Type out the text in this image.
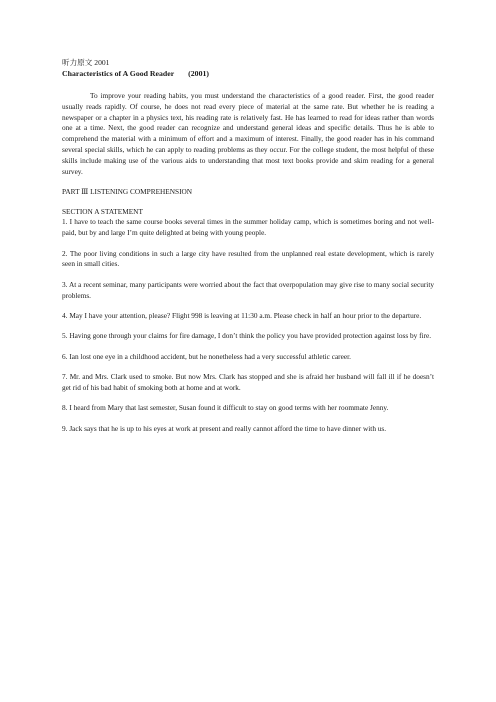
听力原文 2001

Characteristics of A Good Reader (2001)

To improve your reading habits, you must understand the characteristics of a good reader. First, the good reader usually reads rapidly. Of course, he does not read every piece of material at the same rate. But whether he is reading a newspaper or a chapter in a physics text, his reading rate is relatively fast. He has learned to read for ideas rather than words one at a time. Next, the good reader can recognize and understand general ideas and specific details. Thus he is able to comprehend the material with a minimum of effort and a maximum of interest. Finally, the good reader has in his command several special skills, which he can apply to reading problems as they occur. For the college student, the most helpful of these skills include making use of the various aids to understanding that most text books provide and skim reading for a general survey.

PART Ⅲ LISTENING COMPREHENSION

SECTION A STATEMENT

1. I have to teach the same course books several times in the summer holiday camp, which is sometimes boring and not well-paid, but by and large I’m quite delighted at being with young people.

2. The poor living conditions in such a large city have resulted from the unplanned real estate development, which is rarely seen in small cities.

3. At a recent seminar, many participants were worried about the fact that overpopulation may give rise to many social security problems.

4. May I have your attention, please? Flight 998 is leaving at 11:30 a.m. Please check in half an hour prior to the departure.

5. Having gone through your claims for fire damage, I don’t think the policy you have provided protection against loss by fire.

6. Ian lost one eye in a childhood accident, but he nonetheless had a very successful athletic career.

7. Mr. and Mrs. Clark used to smoke. But now Mrs. Clark has stopped and she is afraid her husband will fall ill if he doesn’t get rid of his bad habit of smoking both at home and at work.

8. I heard from Mary that last semester, Susan found it difficult to stay on good terms with her roommate Jenny.

9. Jack says that he is up to his eyes at work at present and really cannot afford the time to have dinner with us.
